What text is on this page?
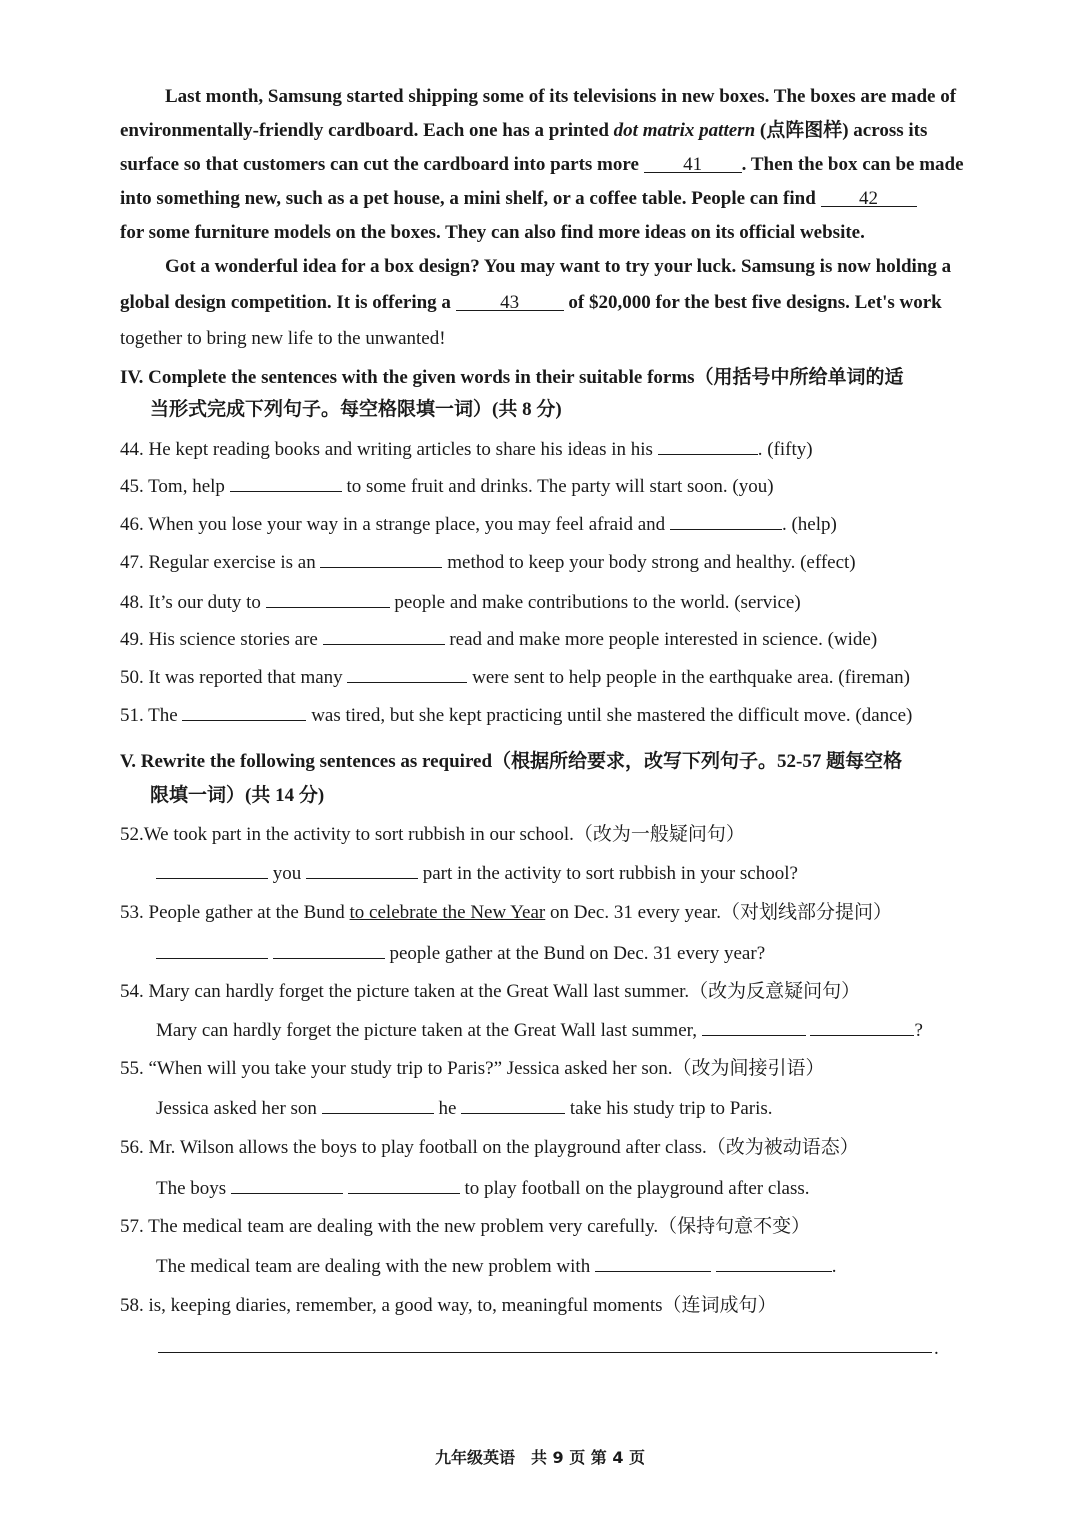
Last month, Samsung started shipping some of its televisions in new boxes. The boxes are made of
environmentally-friendly cardboard. Each one has a printed dot matrix pattern (点阵图样) across its
surface so that customers can cut the cardboard into parts more 41 . Then the box can be made
into something new, such as a pet house, a mini shelf, or a coffee table. People can find 42
for some furniture models on the boxes. They can also find more ideas on its official website.
Got a wonderful idea for a box design? You may want to try your luck. Samsung is now holding a
global design competition. It is offering a 43 of $20,000 for the best five designs. Let's work
together to bring new life to the unwanted!
IV. Complete the sentences with the given words in their suitable forms（用括号中所给单词的适
当形式完成下列句子。每空格限填一词）(共 8 分)
44. He kept reading books and writing articles to share his ideas in his	. (fifty)
45. Tom, help	to some fruit and drinks. The party will start soon. (you)
46. When you lose your way in a strange place, you may feel afraid and	. (help)
47. Regular exercise is an	method to keep your body strong and healthy. (effect)
48. It’s our duty to	people and make contributions to the world. (service)
49. His science stories are	read and make more people interested in science. (wide)
50. It was reported that many	were sent to help people in the earthquake area. (fireman)
51. The	was tired, but she kept practicing until she mastered the difficult move. (dance)
V. Rewrite the following sentences as required（根据所给要求，改写下列句子。52-57 题每空格
限填一词）(共 14 分)
52.We took part in the activity to sort rubbish in our school.（改为一般疑问句）
you	part in the activity to sort rubbish in your school?
53. People gather at the Bund to celebrate the New Year on Dec. 31 every year.（对划线部分提问）
people gather at the Bund on Dec. 31 every year?
54. Mary can hardly forget the picture taken at the Great Wall last summer.（改为反意疑问句）
Mary can hardly forget the picture taken at the Great Wall last summer,	?
55. “When will you take your study trip to Paris?” Jessica asked her son.（改为间接引语）
Jessica asked her son	he	take his study trip to Paris.
56. Mr. Wilson allows the boys to play football on the playground after class.（改为被动语态）
The boys	to play football on the playground after class.
57. The medical team are dealing with the new problem very carefully.（保持句意不变）
The medical team are dealing with the new problem with	.
58. is, keeping diaries, remember, a good way, to, meaningful moments（连词成句）
.
九年级英语　共 9 页 第 4 页
